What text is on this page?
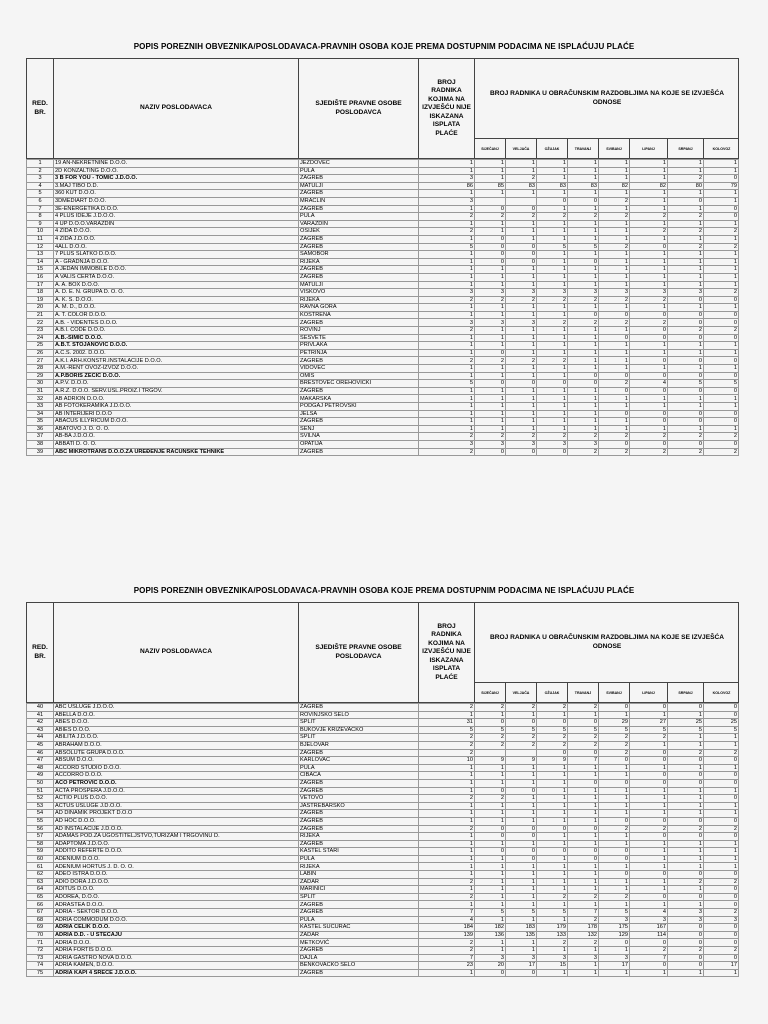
POPIS POREZNIH OBVEZNIKA/POSLODAVACA-PRAVNIH OSOBA KOJE PREMA DOSTUPNIM PODACIMA NE ISPLAĆUJU PLAĆE
RED. BR.
NAZIV POSLODAVACA
SJEDIŠTE PRAVNE OSOBE POSLODAVCA
BROJ RADNIKA KOJIMA NA IZVJEŠĆU NIJE ISKAZANA ISPLATA PLAĆE
BROJ RADNIKA U OBRAČUNSKIM RAZDOBLJIMA NA KOJE SE IZVJEŠĆA ODNOSE
SIJEČANJ	VELJAČA	OŽUJAK	TRAVANJ	SVIBANJ	LIPANJ	SRPANJ	KOLOVOZ
1	19 AN-NEKRETNINE D.O.O.	JEZDOVEC	1	1	1	1	1	1	1	1	1
2	2D KONZALTING D.O.O.	PULA	1	1	1	1	1	1	1	1	1
3	3 B FOR YOU - TOMIĆ J.D.O.O.	ZAGREB	3	1	2	1	1	1	1	2	0
4	3.MAJ TIBO D.D.	MATULJI	86	85	83	83	83	82	82	80	79
5	360 KUT D.O.O.	ZAGREB	1	1	1	1	1	1	1	1	1
6	3DMEDIART D.O.O.	MRACLIN	3			0	0	2	1	0	1
7	3E-ENERGETIKA D.O.O.	ZAGREB	1	0	0	1	1	1	1	1	0
8	4 PLUS IDEJE J.D.O.O.	PULA	2	2	2	2	2	2	2	2	0
9	4 UP D.O.O.VARAŽDIN	VARAŽDIN	1	1	1	1	1	1	1	1	1
10	4 ZIDA D.O.O.	OSIJEK	2	1	1	1	1	1	2	2	2
11	4 ZIDA J.D.O.O.	ZAGREB	1	0	1	1	1	1	1	1	1
12	4ALL D.O.O.	ZAGREB	5	0	0	5	5	2	0	2	2
13	7 PLUS SLATKO D.O.O.	SAMOBOR	1	0	0	1	1	1	1	1	1
14	A - GRADNJA D.O.O.	RIJEKA	1	0	0	1	0	1	1	1	1
15	A JEDAN IMMOBILE D.O.O.	ZAGREB	1	1	1	1	1	1	1	1	1
16	A VALIS CERTA D.O.O.	ZAGREB	1	1	1	1	1	1	1	1	1
17	A. A. BOX D.O.O.	MATULJI	1	1	1	1	1	1	1	1	1
18	A. D. E. N. GRUPA D. O. O.	VISKOVO	3	3	3	3	3	3	3	3	2
19	A. K. S. D.O.O.	RIJEKA	2	2	2	2	2	2	2	0	0
20	A. M. D., D.O.O.	RAVNA GORA	1	1	1	1	1	1	1	1	1
21	A. T. COLOR D.O.O.	KOSTRENA	1	1	1	1	0	0	0	0	0
22	A.B. - VIDENTES D.O.O.	ZAGREB	3	3	3	2	2	2	2	0	0
23	A.B.I. CODE D.O.O.	ROVINJ	2	1	1	1	1	1	0	2	2
24	A.B.-ŠIMIĆ D.O.O.	SESVETE	1	1	1	1	1	0	0	0	0
25	A.B.T. STOJANOVIĆ D.O.O.	PRIVLAKA	1	1	1	1	1	1	1	1	1
26	A.C.S. 2002. D.O.O.	PETRINJA	1	0	1	1	1	1	1	1	1
27	A.K.I. ARH.KONSTR.INSTALACIJE D.O.O.	ZAGREB	2	2	2	2	1	1	0	0	0
28	A.M.-RENT OVOZ-IZVOZ D.O.O.	VIDOVEC	1	1	1	1	1	1	1	1	1
29	A.P.BORIS ZEČIĆ D.O.O.	OMIŠ	1	1	1	1	0	0	0	0	0
30	A.P.V. D.O.O.	BREŠTOVEC OREHOVIČKI	5	0	0	0	0	2	4	5	5
31	A.R.Z. D.O.O. SERV.USL.PROIZ.I TRGOV.	ZAGREB	1	1	1	1	1	0	0	0	0
32	AB ADRION D.O.O.	MAKARSKA	1	1	1	1	1	1	1	1	1
33	AB FOTOKERAMIKA J.D.O.O.	PODGAJ PETROVSKI	1	1	1	1	1	1	1	1	1
34	AB INTERIJERI D.O.O	JELSA	1	1	1	1	1	0	0	0	0
35	ABACUS ILLYRICUM D.O.O.	ZAGREB	1	1	1	1	1	1	0	0	0
36	ABATOVO J. D. O. O.	SENJ	1	1	1	1	1	1	1	1	1
37	AB-BA J.D.O.O.	SVILNA	2	2	2	2	2	2	2	2	2
38	ABBATI D. O. O.	OPATIJA	3	3	3	3	3	0	0	0	0
39	ABC MIKROTRANS D.O.O.ZA UREĐENJE RAČUNSKE TEHNIKE	ZAGREB	2	0	0	0	2	2	2	2	2
POPIS POREZNIH OBVEZNIKA/POSLODAVACA-PRAVNIH OSOBA KOJE PREMA DOSTUPNIM PODACIMA NE ISPLAĆUJU PLAĆE
RED. BR.
NAZIV POSLODAVACA
SJEDIŠTE PRAVNE OSOBE POSLODAVCA
BROJ RADNIKA KOJIMA NA IZVJEŠĆU NIJE ISKAZANA ISPLATA PLAĆE
BROJ RADNIKA U OBRAČUNSKIM RAZDOBLJIMA NA KOJE SE IZVJEŠĆA ODNOSE
SIJEČANJ	VELJAČA	OŽUJAK	TRAVANJ	SVIBANJ	LIPANJ	SRPANJ	KOLOVOZ
40	ABC USLUGE J.D.O.O.	ZAGREB	2	2	2	2	2	0	0	0	0
41	ABELLA D.O.O.	ROVINJSKO SELO	1	1	1	1	1	1	1	1	0
42	ABES D.O.O.	SPLIT	31	0	0	0	0	29	27	25	25
43	ABIES D.O.O.	BUKOVJE KRIŽEVAČKO	5	5	5	5	5	5	5	5	5
44	ABILITA J.D.O.O.	SPLIT	2	2	2	2	2	2	2	1	1
45	ABRAHAM D.O.O.	BJELOVAR	2	2	2	2	2	2	1	1	1
46	ABSOLUTE GRUPA D.O.O.	ZAGREB	2			0	0	2	0	2	2
47	ABSUM D.O.O.	KARLOVAC	10	9	9	9	7	0	0	0	0
48	ACCORD STUDIO D.O.O.	PULA	1	1	1	1	1	1	1	1	1
49	ACCORRO D.O.O.	CIBAČA	1	1	1	1	1	1	0	0	0
50	ACO PETROVIĆ D.O.O.	ZAGREB	1	1	1	1	0	0	0	0	0
51	ACTA PROSPERA J.D.O.O.	ZAGREB	1	0	0	1	1	1	1	1	1
52	ACTIO PLUS D.O.O.	VETOVO	2	2	1	1	1	1	1	1	0
53	ACTUS USLUGE J.D.O.O.	JASTREBARSKO	1	1	1	1	1	1	1	1	1
54	AD DINAMIK PROJEKT D.O.O	ZAGREB	1	1	1	1	1	1	1	1	1
55	AD HOC D.O.O.	ZAGREB	1	1	1	1	1	0	0	0	0
56	AD INSTALACIJE J.D.O.O.	ZAGREB	2	0	0	0	0	2	2	2	2
57	ADAMAS POD.ZA UGOSTITELJSTVO,TURIZAM I TRGOVINU D.	RIJEKA	1	0	0	1	1	1	0	0	0
58	ADAPTOMA J.D.O.O.	ZAGREB	1	1	1	1	1	1	1	1	1
59	ADDITO REFERTE D.O.O.	KAŠTEL STARI	1	0	0	0	0	0	1	1	1
60	ADENIUM D.O.O.	PULA	1	1	0	1	0	0	1	1	1
61	ADENIUM HORTUS J. D. O. O.	RIJEKA	1	1	1	1	1	1	1	1	1
62	ADEO ISTRA D.O.O.	LABIN	1	1	1	1	1	0	0	0	0
63	ADIO DORA J.D.O.O.	ZADAR	2	1	1	1	1	1	1	2	2
64	ADITUS D.O.O.	MARINIĆI	1	1	1	1	1	1	1	1	0
65	ADOREA, D.O.O.	SPLIT	2	1	1	2	2	2	0	0	0
66	ADRASTEA D.O.O.	ZAGREB	1	1	1	1	1	1	1	1	0
67	ADRIA - SEKTOR D.O.O.	ZAGREB	7	5	5	5	7	5	4	3	2
68	ADRIA COMMODUM D.O.O.	PULA	4	1	1	1	2	3	3	3	3
69	ADRIA ČELIK D.O.O.	KAŠTEL SUĆURAC	184	182	183	179	178	175	167	0	0
70	ADRIA D.D. - U STEČAJU	ZADAR	139	136	135	133	132	129	114	0	0
71	ADRIA D.O.O.	METKOVIĆ	2	1	1	2	2	0	0	0	0
72	ADRIA FORTIS D.O.O.	ZAGREB	2	1	1	1	1	1	2	2	2
73	ADRIA GASTRO NOVA D.O.O.	DAJLA	7	3	3	3	3	3	7	0	0
74	ADRIA KAMEN, D.O.O.	BENKOVAČKO SELO	23	20	17	15	1	17	0	0	17
75	ADRIA KAPI 4 SREĆE J.D.O.O.	ZAGREB	1	0	0	1	1	1	1	1	1
